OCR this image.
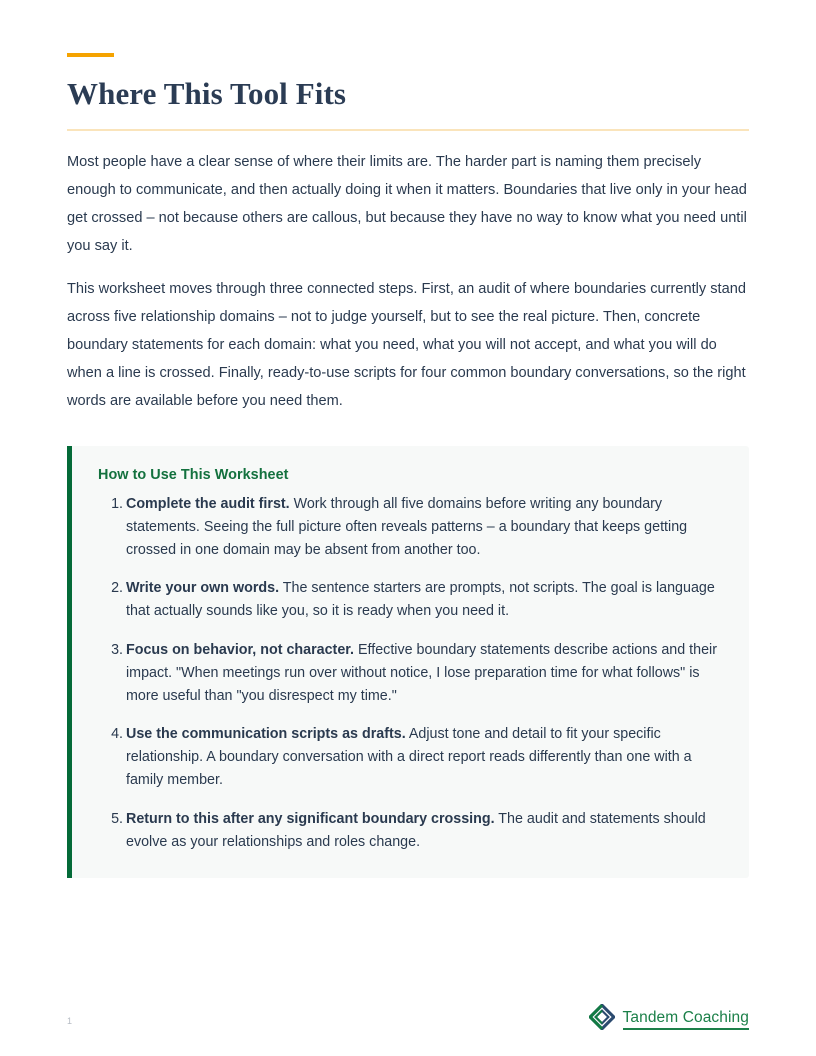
Where This Tool Fits

Most people have a clear sense of where their limits are. The harder part is naming them precisely enough to communicate, and then actually doing it when it matters. Boundaries that live only in your head get crossed – not because others are callous, but because they have no way to know what you need until you say it.

This worksheet moves through three connected steps. First, an audit of where boundaries currently stand across five relationship domains – not to judge yourself, but to see the real picture. Then, concrete boundary statements for each domain: what you need, what you will not accept, and what you will do when a line is crossed. Finally, ready-to-use scripts for four common boundary conversations, so the right words are available before you need them.

How to Use This Worksheet
Complete the audit first. Work through all five domains before writing any boundary statements. Seeing the full picture often reveals patterns – a boundary that keeps getting crossed in one domain may be absent from another too.
Write your own words. The sentence starters are prompts, not scripts. The goal is language that actually sounds like you, so it is ready when you need it.
Focus on behavior, not character. Effective boundary statements describe actions and their impact. "When meetings run over without notice, I lose preparation time for what follows" is more useful than "you disrespect my time."
Use the communication scripts as drafts. Adjust tone and detail to fit your specific relationship. A boundary conversation with a direct report reads differently than one with a family member.
Return to this after any significant boundary crossing. The audit and statements should evolve as your relationships and roles change.
1	Tandem Coaching
